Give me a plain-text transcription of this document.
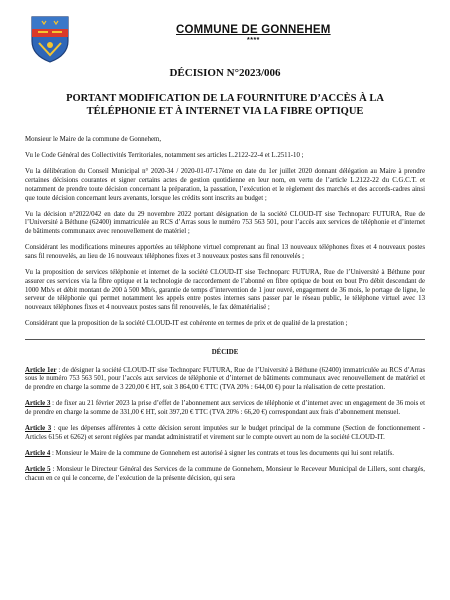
COMMUNE DE GONNEHEM
****
DÉCISION N°2023/006
PORTANT MODIFICATION DE LA FOURNITURE D’ACCÈS À LA TÉLÉPHONIE ET À INTERNET VIA LA FIBRE OPTIQUE

Monsieur le Maire de la commune de Gonnehem,

Vu le Code Général des Collectivités Territoriales, notamment ses articles L.2122-22-4 et L.2511-10 ;

Vu la délibération du Conseil Municipal n° 2020-34 / 2020-01-07-17ème en date du 1er juillet 2020 donnant délégation au Maire à prendre certaines décisions courantes et signer certains actes de gestion quotidienne en leur nom, en vertu de l’article L.2122-22 du C.G.C.T. et notamment de prendre toute décision concernant la préparation, la passation, l’exécution et le règlement des marchés et des accords-cadres ainsi que toute décision concernant leurs avenants, lorsque les crédits sont inscrits au budget ;

Vu la décision n°2022/042 en date du 29 novembre 2022 portant désignation de la société CLOUD-IT sise Technoparc FUTURA, Rue de l’Université à Béthune (62400) immatriculée au RCS d’Arras sous le numéro 753 563 501, pour l’accès aux services de téléphonie et d’internet de bâtiments communaux avec renouvellement de matériel ;

Considérant les modifications mineures apportées au téléphone virtuel comprenant au final 13 nouveaux téléphones fixes et 4 nouveaux postes sans fil renouvelés, au lieu de 16 nouveaux téléphones fixes et 3 nouveaux postes sans fil renouvelés ;

Vu la proposition de services téléphonie et internet de la société CLOUD-IT sise Technoparc FUTURA, Rue de l’Université à Béthune pour assurer ces services via la fibre optique et la technologie de raccordement de l’abonné en fibre optique de bout en bout Pro débit descendant de 1000 Mb/s et débit montant de 200 à 500 Mb/s, garantie de temps d’intervention de 1 jour ouvré, engagement de 36 mois, le portage de ligne, le serveur de téléphonie qui permet notamment les appels entre postes internes sans passer par le réseau public, le téléphone virtuel avec 13 nouveaux téléphones fixes et 4 nouveaux postes sans fil renouvelés, le fax dématérialisé ;

Considérant que la proposition de la société CLOUD-IT est cohérente en termes de prix et de qualité de la prestation ;

DÉCIDE

Article 1er : de désigner la société CLOUD-IT sise Technoparc FUTURA, Rue de l’Université à Béthune (62400) immatriculée au RCS d’Arras sous le numéro 753 563 501, pour l’accès aux services de téléphonie et d’internet de bâtiments communaux avec renouvellement de matériel et de prendre en charge la somme de 3 220,00 € HT, soit 3 864,00 € TTC (TVA 20% : 644,00 €) pour la réalisation de cette prestation.

Article 3 : de fixer au 21 février 2023 la prise d’effet de l’abonnement aux services de téléphonie et d’internet avec un engagement de 36 mois et de prendre en charge la somme de 331,00 € HT, soit 397,20 € TTC (TVA 20% : 66,20 €) correspondant aux frais d’abonnement mensuel.

Article 3 : que les dépenses afférentes à cette décision seront imputées sur le budget principal de la commune (Section de fonctionnement - Articles 6156 et 6262) et seront réglées par mandat administratif et virement sur le compte ouvert au nom de la société CLOUD-IT.

Article 4 : Monsieur le Maire de la commune de Gonnehem est autorisé à signer les contrats et tous les documents qui lui sont relatifs.

Article 5 : Monsieur le Directeur Général des Services de la commune de Gonnehem, Monsieur le Receveur Municipal de Lillers, sont chargés, chacun en ce qui le concerne, de l’exécution de la présente décision, qui sera
